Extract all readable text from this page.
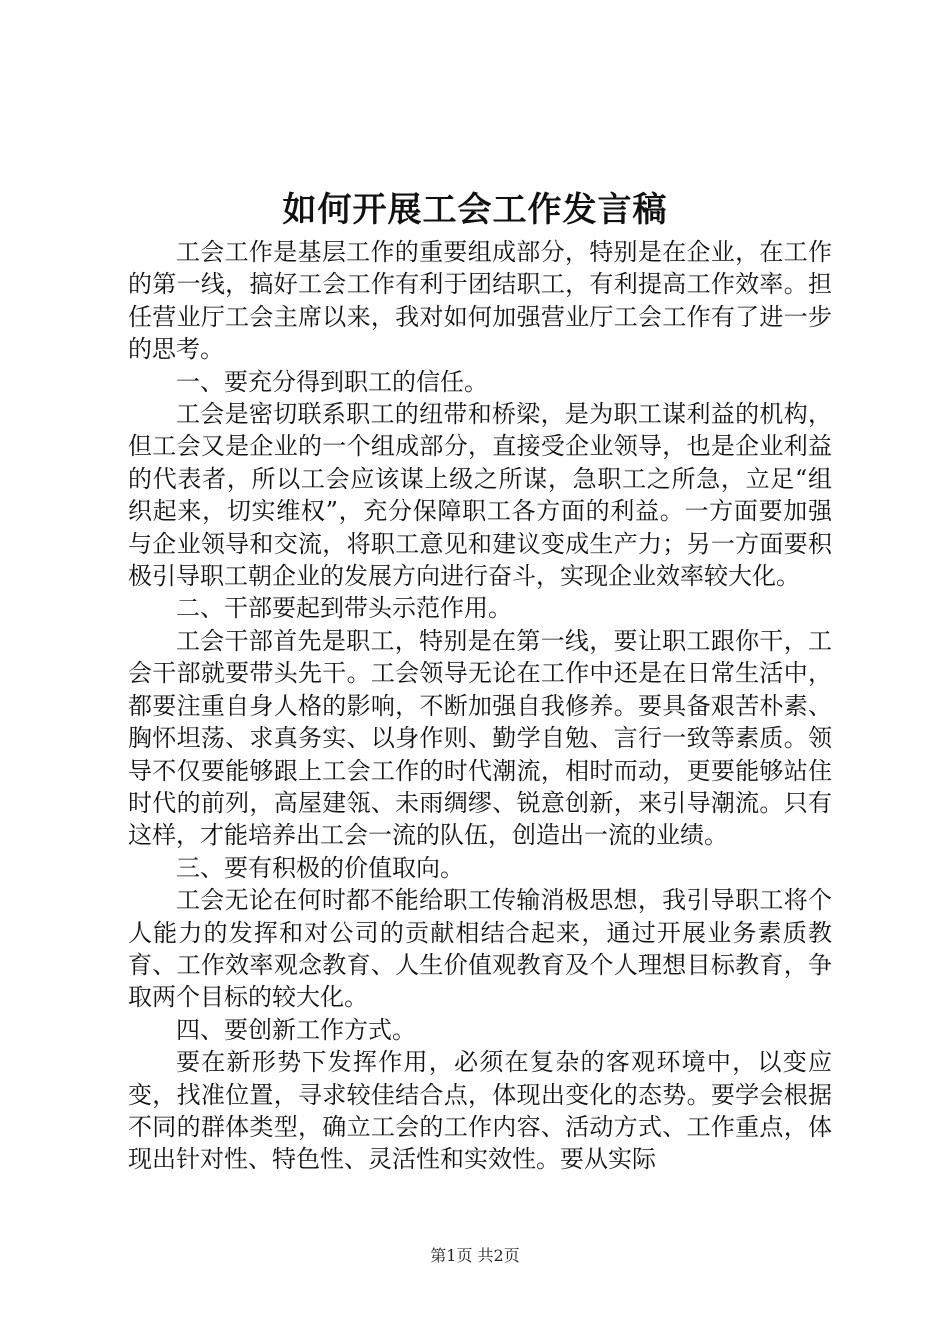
如何开展工会工作发言稿

工会工作是基层工作的重要组成部分，特别是在企业，在工作的第一线，搞好工会工作有利于团结职工，有利提高工作效率。担任营业厅工会主席以来，我对如何加强营业厅工会工作有了进一步的思考。

一、要充分得到职工的信任。

工会是密切联系职工的纽带和桥梁，是为职工谋利益的机构，但工会又是企业的一个组成部分，直接受企业领导，也是企业利益的代表者，所以工会应该谋上级之所谋，急职工之所急，立足“组织起来，切实维权”，充分保障职工各方面的利益。一方面要加强与企业领导和交流，将职工意见和建议变成生产力；另一方面要积极引导职工朝企业的发展方向进行奋斗，实现企业效率较大化。

二、干部要起到带头示范作用。

工会干部首先是职工，特别是在第一线，要让职工跟你干，工会干部就要带头先干。工会领导无论在工作中还是在日常生活中，都要注重自身人格的影响，不断加强自我修养。要具备艰苦朴素、胸怀坦荡、求真务实、以身作则、勤学自勉、言行一致等素质。领导不仅要能够跟上工会工作的时代潮流，相时而动，更要能够站住时代的前列，高屋建瓴、未雨绸缪、锐意创新，来引导潮流。只有这样，才能培养出工会一流的队伍，创造出一流的业绩。

三、要有积极的价值取向。

工会无论在何时都不能给职工传输消极思想，我引导职工将个人能力的发挥和对公司的贡献相结合起来，通过开展业务素质教育、工作效率观念教育、人生价值观教育及个人理想目标教育，争取两个目标的较大化。

四、要创新工作方式。

要在新形势下发挥作用，必须在复杂的客观环境中，以变应变，找准位置，寻求较佳结合点，体现出变化的态势。要学会根据不同的群体类型，确立工会的工作内容、活动方式、工作重点，体现出针对性、特色性、灵活性和实效性。要从实际

第1页 共2页
